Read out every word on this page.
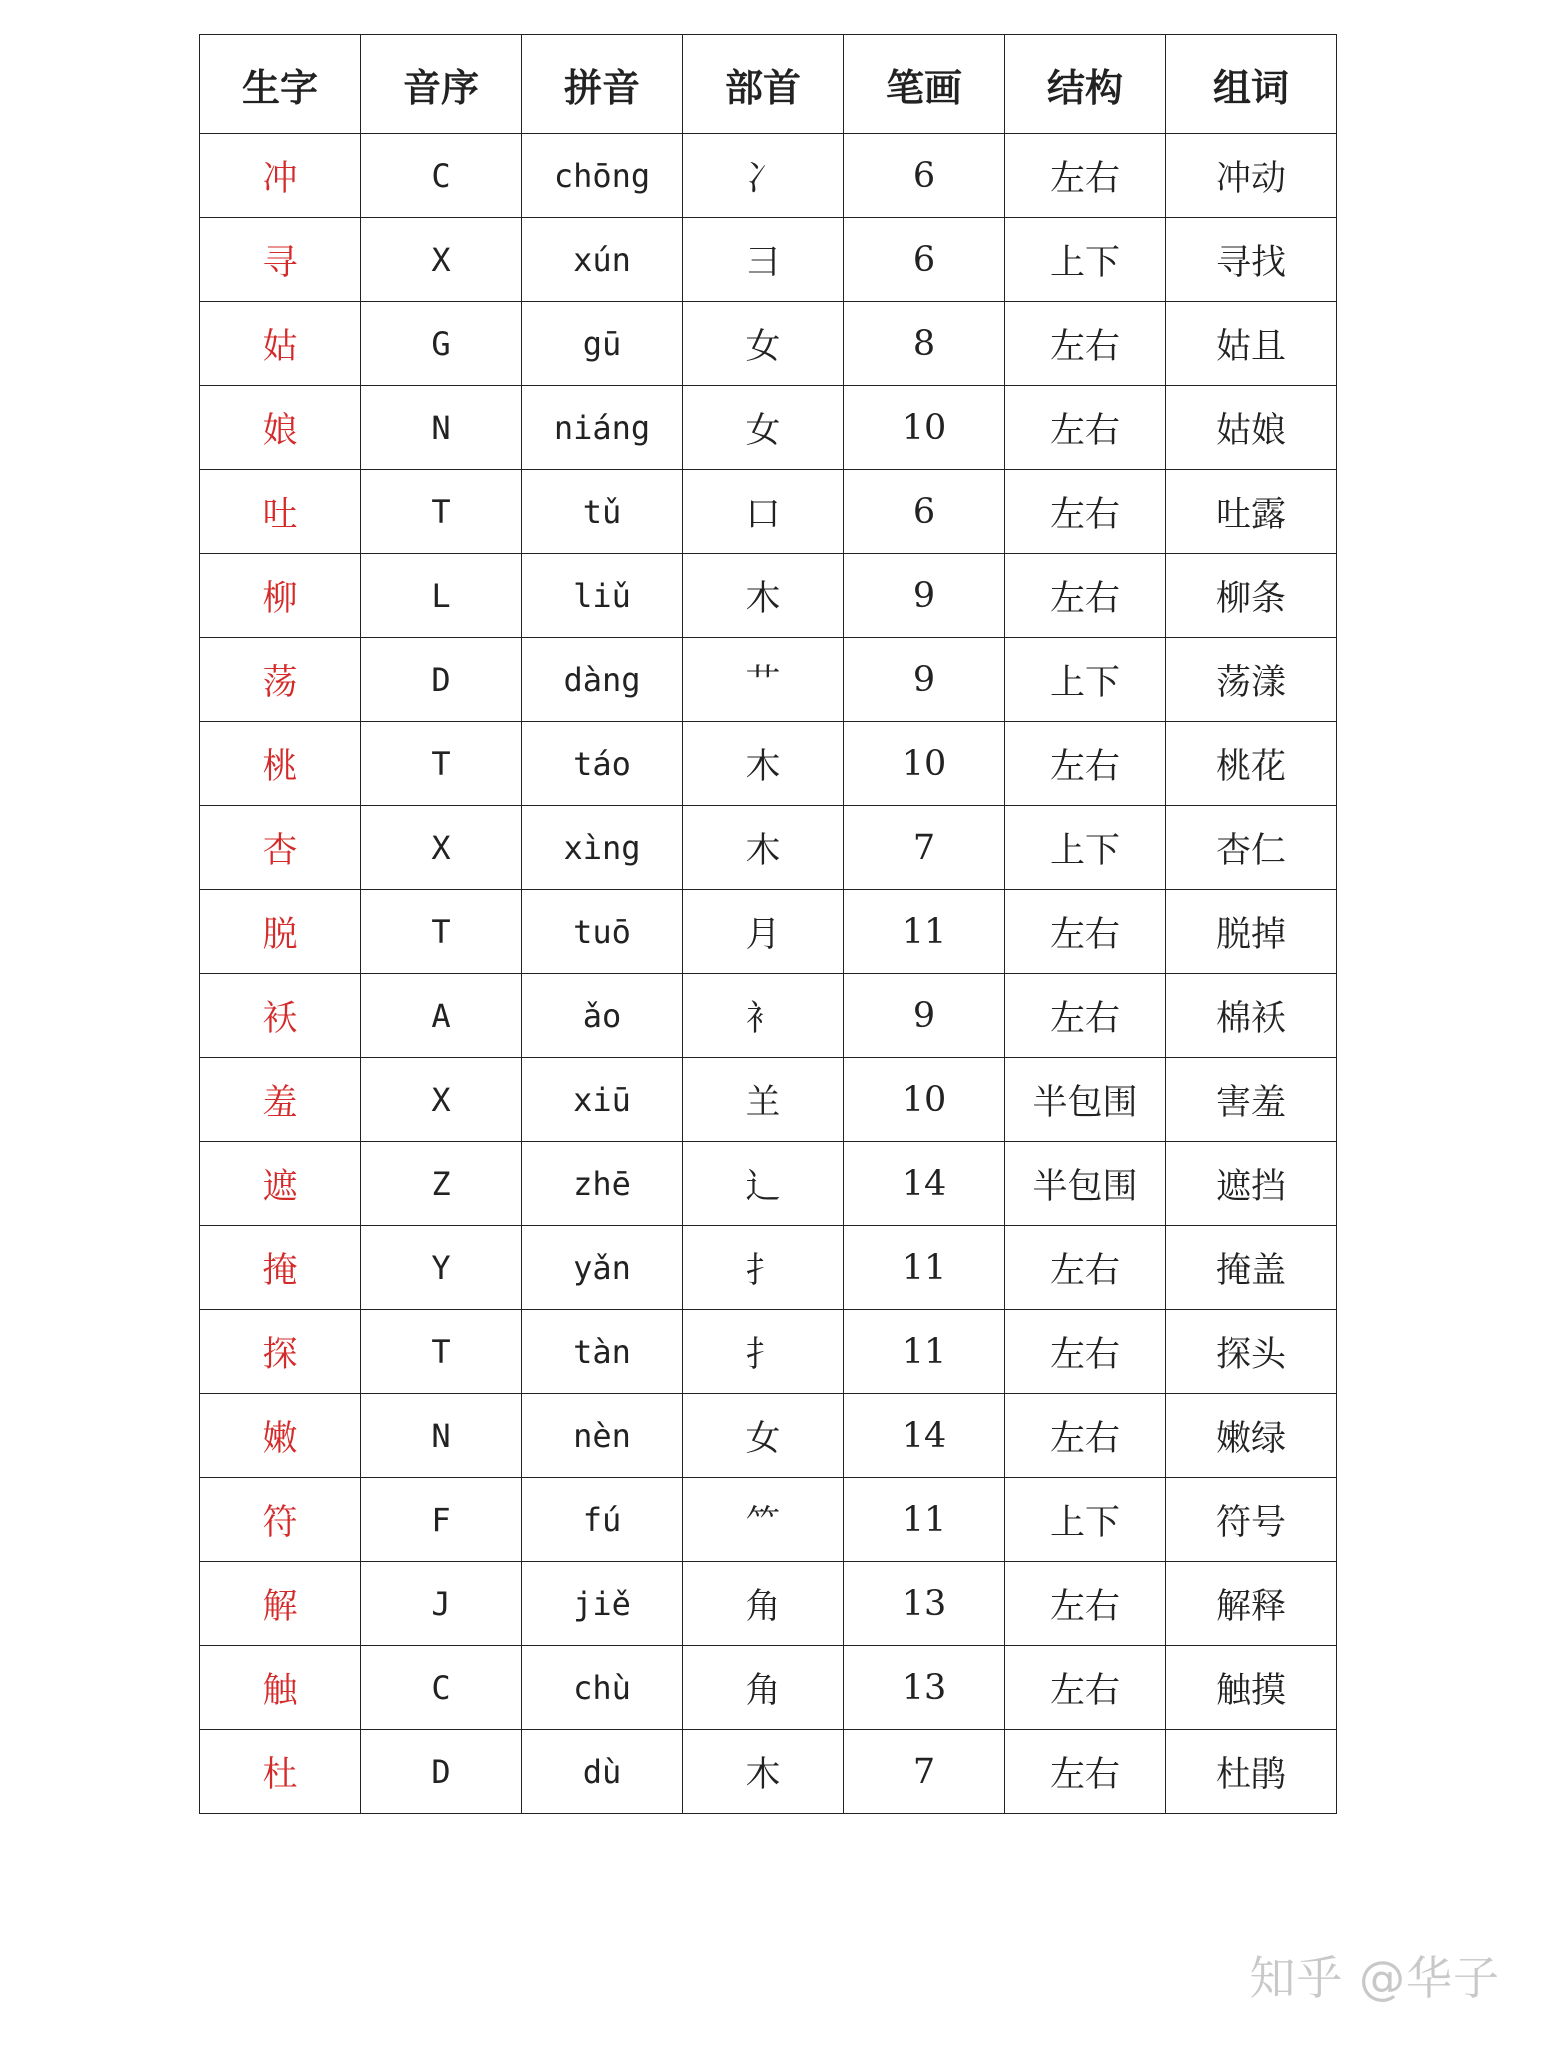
生字	音序	拼音	部首	笔画	结构	组词
冲	C	chōng	冫	6	左右	冲动
寻	X	xún	彐	6	上下	寻找
姑	G	gū	女	8	左右	姑且
娘	N	niáng	女	10	左右	姑娘
吐	T	tǔ	口	6	左右	吐露
柳	L	liǔ	木	9	左右	柳条
荡	D	dàng	艹	9	上下	荡漾
桃	T	táo	木	10	左右	桃花
杏	X	xìng	木	7	上下	杏仁
脱	T	tuō	月	11	左右	脱掉
袄	A	ǎo	衤	9	左右	棉袄
羞	X	xiū	𦍌	10	半包围	害羞
遮	Z	zhē	辶	14	半包围	遮挡
掩	Y	yǎn	扌	11	左右	掩盖
探	T	tàn	扌	11	左右	探头
嫩	N	nèn	女	14	左右	嫩绿
符	F	fú	⺮	11	上下	符号
解	J	jiě	角	13	左右	解释
触	C	chù	角	13	左右	触摸
杜	D	dù	木	7	左右	杜鹃
知乎 @华子
